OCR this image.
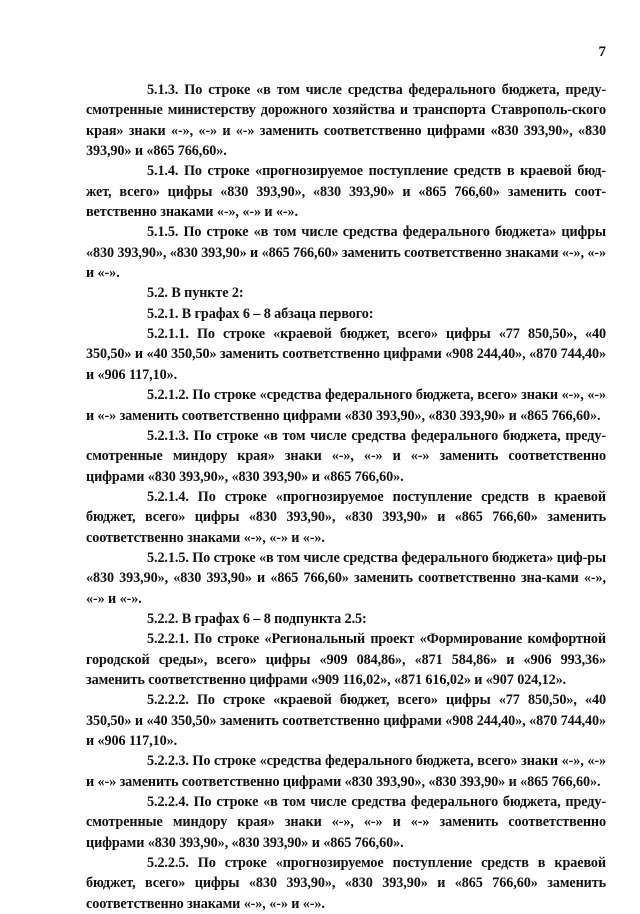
7

5.1.3. По строке «в том числе средства федерального бюджета, преду-смотренные министерству дорожного хозяйства и транспорта Ставрополь-ского края» знаки «-», «-» и «-» заменить соответственно цифрами «830 393,90», «830 393,90» и «865 766,60».

5.1.4. По строке «прогнозируемое поступление средств в краевой бюд-жет, всего» цифры «830 393,90», «830 393,90» и «865 766,60» заменить соот-ветственно знаками «-», «-» и «-».

5.1.5. По строке «в том числе средства федерального бюджета» цифры «830 393,90», «830 393,90» и «865 766,60» заменить соответственно знаками «-», «-» и «-».

5.2. В пункте 2:

5.2.1. В графах 6 – 8 абзаца первого:

5.2.1.1. По строке «краевой бюджет, всего» цифры «77 850,50», «40 350,50» и «40 350,50» заменить соответственно цифрами «908 244,40», «870 744,40» и «906 117,10».

5.2.1.2. По строке «средства федерального бюджета, всего» знаки «-», «-» и «-» заменить соответственно цифрами «830 393,90», «830 393,90» и «865 766,60».

5.2.1.3. По строке «в том числе средства федерального бюджета, преду-смотренные миндору края» знаки «-», «-» и «-» заменить соответственно цифрами «830 393,90», «830 393,90» и «865 766,60».

5.2.1.4. По строке «прогнозируемое поступление средств в краевой бюджет, всего» цифры «830 393,90», «830 393,90» и «865 766,60» заменить соответственно знаками «-», «-» и «-».

5.2.1.5. По строке «в том числе средства федерального бюджета» циф-ры «830 393,90», «830 393,90» и «865 766,60» заменить соответственно зна-ками «-», «-» и «-».

5.2.2. В графах 6 – 8 подпункта 2.5:

5.2.2.1. По строке «Региональный проект «Формирование комфортной городской среды», всего» цифры «909 084,86», «871 584,86» и «906 993,36» заменить соответственно цифрами «909 116,02», «871 616,02» и «907 024,12».

5.2.2.2. По строке «краевой бюджет, всего» цифры «77 850,50», «40 350,50» и «40 350,50» заменить соответственно цифрами «908 244,40», «870 744,40» и «906 117,10».

5.2.2.3. По строке «средства федерального бюджета, всего» знаки «-», «-» и «-» заменить соответственно цифрами «830 393,90», «830 393,90» и «865 766,60».

5.2.2.4. По строке «в том числе средства федерального бюджета, преду-смотренные миндору края» знаки «-», «-» и «-» заменить соответственно цифрами «830 393,90», «830 393,90» и «865 766,60».

5.2.2.5. По строке «прогнозируемое поступление средств в краевой бюджет, всего» цифры «830 393,90», «830 393,90» и «865 766,60» заменить соответственно знаками «-», «-» и «-».
